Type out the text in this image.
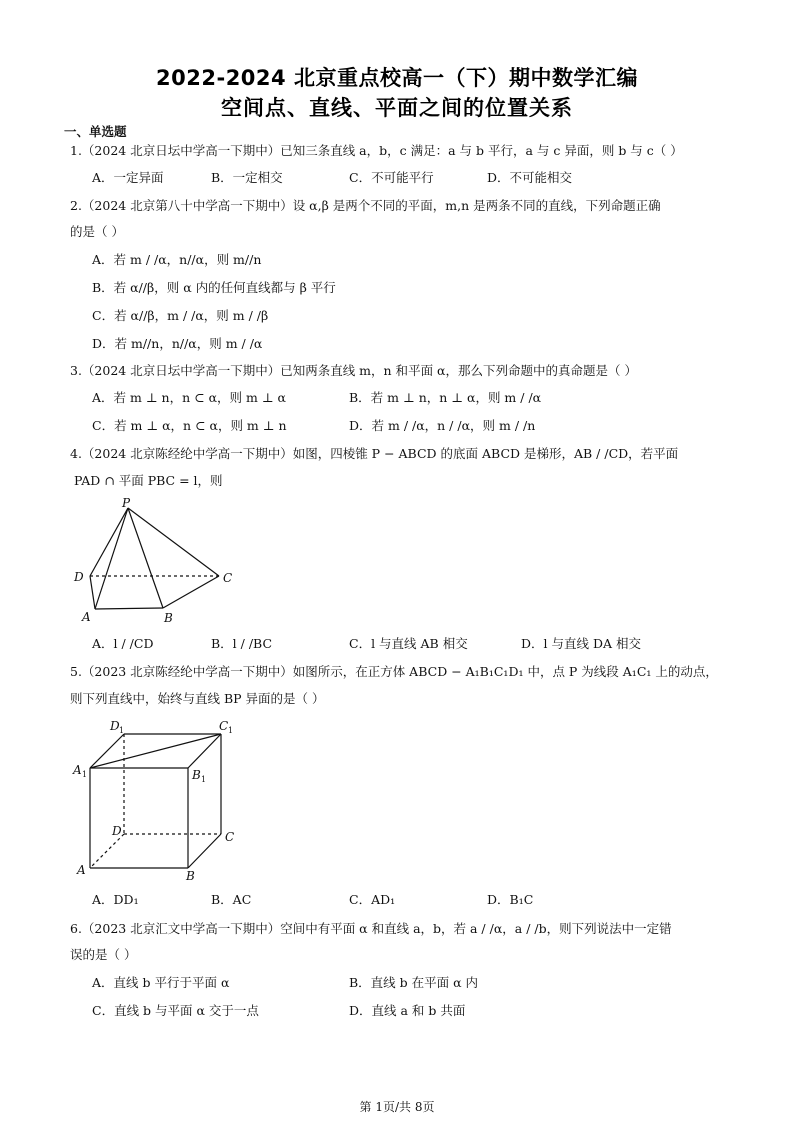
2022-2024 北京重点校高一（下）期中数学汇编
空间点、直线、平面之间的位置关系
一、单选题
1.（2024 北京日坛中学高一下期中）已知三条直线 a，b，c 满足：a 与 b 平行，a 与 c 异面，则 b 与 c（ ）
A．一定异面	B．一定相交	C．不可能平行	D．不可能相交
2.（2024 北京第八十中学高一下期中）设 α,β 是两个不同的平面，m,n 是两条不同的直线，下列命题正确
的是（ ）
A．若 m / /α，n//α，则 m//n
B．若 α//β，则 α 内的任何直线都与 β 平行
C．若 α//β，m / /α，则 m / /β
D．若 m//n，n//α，则 m / /α
3.（2024 北京日坛中学高一下期中）已知两条直线 m，n 和平面 α，那么下列命题中的真命题是（ ）
A．若 m ⊥ n，n ⊂ α，则 m ⊥ α	B．若 m ⊥ n，n ⊥ α，则 m / /α
C．若 m ⊥ α，n ⊂ α，则 m ⊥ n	D．若 m / /α，n / /α，则 m / /n
4.（2024 北京陈经纶中学高一下期中）如图，四棱锥 P − ABCD 的底面 ABCD 是梯形，AB / /CD，若平面
PAD ∩ 平面 PBC = l，则
P
D	C
A	B
A．l / /CD	B．l / /BC	C．l 与直线 AB 相交	D．l 与直线 DA 相交
5.（2023 北京陈经纶中学高一下期中）如图所示，在正方体 ABCD − A₁B₁C₁D₁ 中，点 P 为线段 A₁C₁ 上的动点，
则下列直线中，始终与直线 BP 异面的是（ ）
D 1	C 1
A 1	B 1
D	C
A	B
A．DD₁	B．AC	C．AD₁	D．B₁C
6.（2023 北京汇文中学高一下期中）空间中有平面 α 和直线 a，b，若 a / /α，a / /b，则下列说法中一定错
误的是（ ）
A．直线 b 平行于平面 α	B．直线 b 在平面 α 内
C．直线 b 与平面 α 交于一点	D．直线 a 和 b 共面
第 1页/共 8页
